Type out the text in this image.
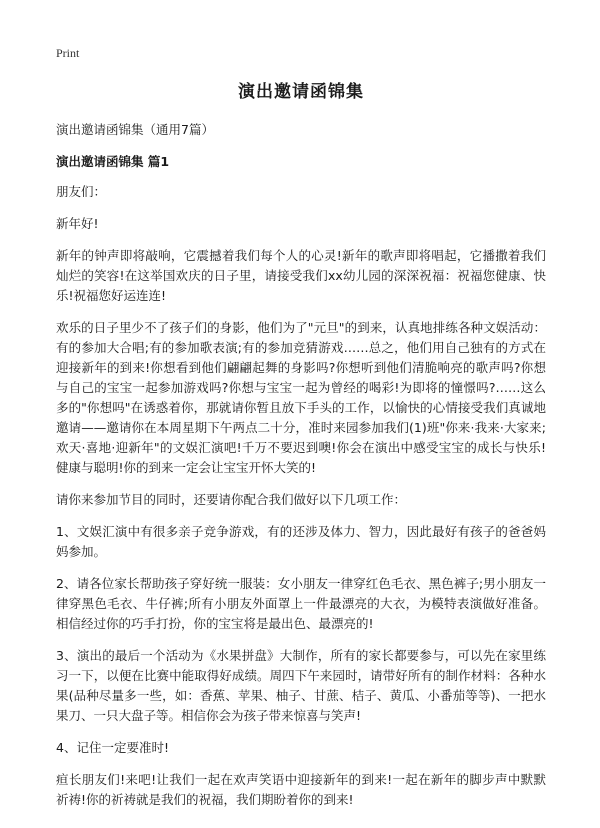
Print
演出邀请函锦集
演出邀请函锦集（通用7篇）
演出邀请函锦集 篇1

朋友们：

新年好!

新年的钟声即将敲响，它震撼着我们每个人的心灵!新年的歌声即将唱起，它播撒着我们灿烂的笑容!在这举国欢庆的日子里，请接受我们xx幼儿园的深深祝福：祝福您健康、快乐!祝福您好运连连!

欢乐的日子里少不了孩子们的身影，他们为了"元旦"的到来，认真地排练各种文娱活动：有的参加大合唱;有的参加歌表演;有的参加竞猜游戏……总之，他们用自己独有的方式在迎接新年的到来!你想看到他们翩翩起舞的身影吗?你想听到他们清脆响亮的歌声吗?你想与自己的宝宝一起参加游戏吗?你想与宝宝一起为曾经的喝彩!为即将的憧憬吗?……这么多的"你想吗"在诱惑着你，那就请你暂且放下手头的工作，以愉快的心情接受我们真诚地邀请——邀请你在本周星期下午两点二十分，准时来园参加我们(1)班"你来·我来·大家来;欢天·喜地·迎新年"的文娱汇演吧!千万不要迟到噢!你会在演出中感受宝宝的成长与快乐!健康与聪明!你的到来一定会让宝宝开怀大笑的!

请你来参加节目的同时，还要请你配合我们做好以下几项工作：

1、文娱汇演中有很多亲子竞争游戏，有的还涉及体力、智力，因此最好有孩子的爸爸妈妈参加。

2、请各位家长帮助孩子穿好统一服装：女小朋友一律穿红色毛衣、黑色裤子;男小朋友一律穿黑色毛衣、牛仔裤;所有小朋友外面罩上一件最漂亮的大衣，为模特表演做好准备。相信经过你的巧手打扮，你的宝宝将是最出色、最漂亮的!

3、演出的最后一个活动为《水果拼盘》大制作，所有的家长都要参与，可以先在家里练习一下，以便在比赛中能取得好成绩。周四下午来园时，请带好所有的制作材料：各种水果(品种尽量多一些，如：香蕉、苹果、柚子、甘蔗、桔子、黄瓜、小番茄等等)、一把水果刀、一只大盘子等。相信你会为孩子带来惊喜与笑声!

4、记住一定要准时!

疸长朋友们!来吧!让我们一起在欢声笑语中迎接新年的到来!一起在新年的脚步声中默默祈祷!你的祈祷就是我们的祝福，我们期盼着你的到来!
